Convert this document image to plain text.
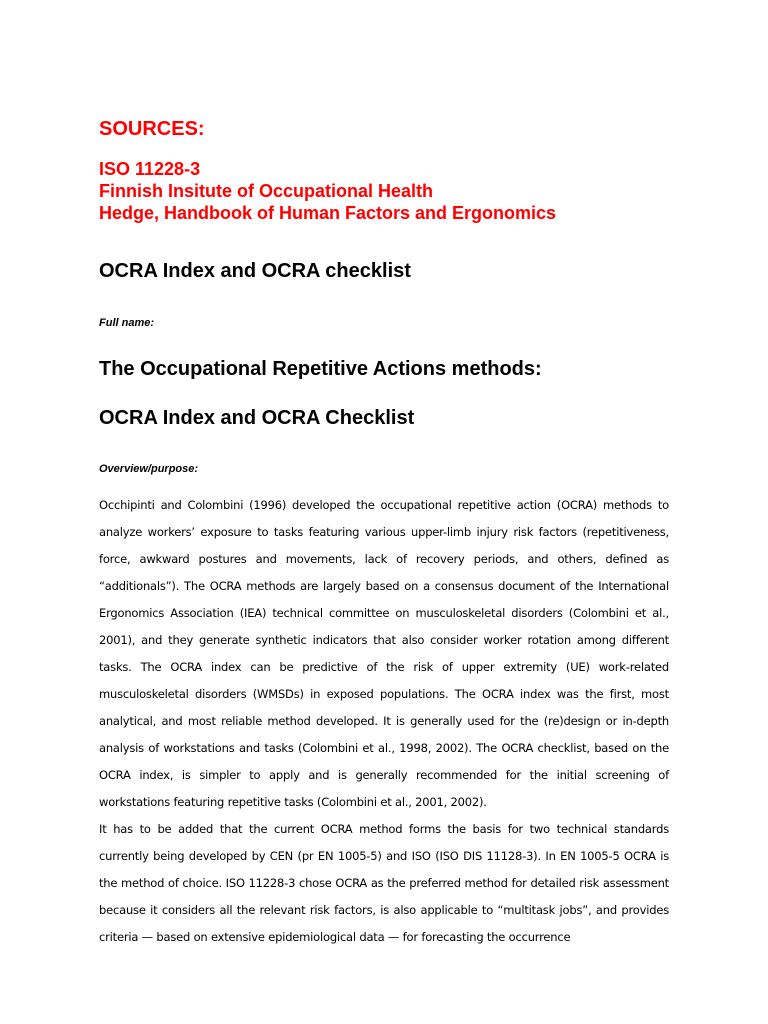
SOURCES:
ISO 11228-3
Finnish Insitute of Occupational Health
Hedge, Handbook of Human Factors and Ergonomics
OCRA Index and OCRA checklist

Full name:

The Occupational Repetitive Actions methods:
OCRA Index and OCRA Checklist

Overview/purpose:

Occhipinti and Colombini (1996) developed the occupational repetitive action (OCRA) methods to analyze workers’ exposure to tasks featuring various upper-limb injury risk factors (repetitiveness, force, awkward postures and movements, lack of recovery periods, and others, defined as “additionals”). The OCRA methods are largely based on a consensus document of the International Ergonomics Association (IEA) technical committee on musculoskeletal disorders (Colombini et al., 2001), and they generate synthetic indicators that also consider worker rotation among different tasks. The OCRA index can be predictive of the risk of upper extremity (UE) work-related musculoskeletal disorders (WMSDs) in exposed populations. The OCRA index was the first, most analytical, and most reliable method developed. It is generally used for the (re)design or in-depth analysis of workstations and tasks (Colombini et al., 1998, 2002). The OCRA checklist, based on the OCRA index, is simpler to apply and is generally recommended for the initial screening of workstations featuring repetitive tasks (Colombini et al., 2001, 2002).

It has to be added that the current OCRA method forms the basis for two technical standards currently being developed by CEN (pr EN 1005-5) and ISO (ISO DIS 11128-3). In EN 1005-5 OCRA is the method of choice. ISO 11228-3 chose OCRA as the preferred method for detailed risk assessment because it considers all the relevant risk factors, is also applicable to “multitask jobs”, and provides criteria — based on extensive epidemiological data — for forecasting the occurrence
